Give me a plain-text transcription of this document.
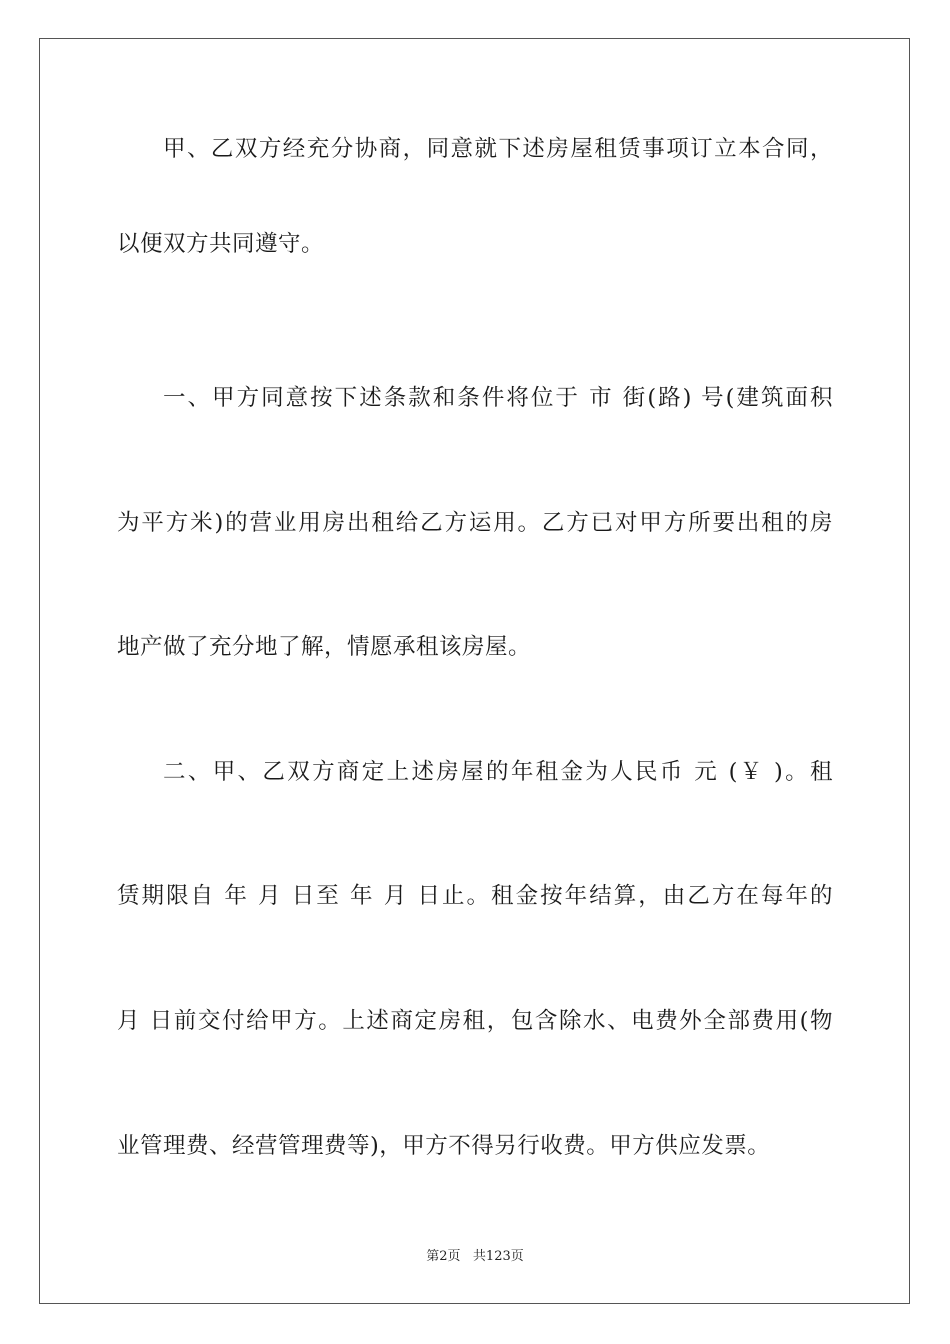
甲、乙双方经充分协商，同意就下述房屋租赁事项订立本合同，
以便双方共同遵守。
一、甲方同意按下述条款和条件将位于 市 街(路) 号(建筑面积
为平方米)的营业用房出租给乙方运用。乙方已对甲方所要出租的房
地产做了充分地了解，情愿承租该房屋。
二、甲、乙双方商定上述房屋的年租金为人民币 元 (￥ )。租
赁期限自 年 月 日至 年 月 日止。租金按年结算，由乙方在每年的
月 日前交付给甲方。上述商定房租，包含除水、电费外全部费用(物
业管理费、经营管理费等)，甲方不得另行收费。甲方供应发票。
第2页 共123页
